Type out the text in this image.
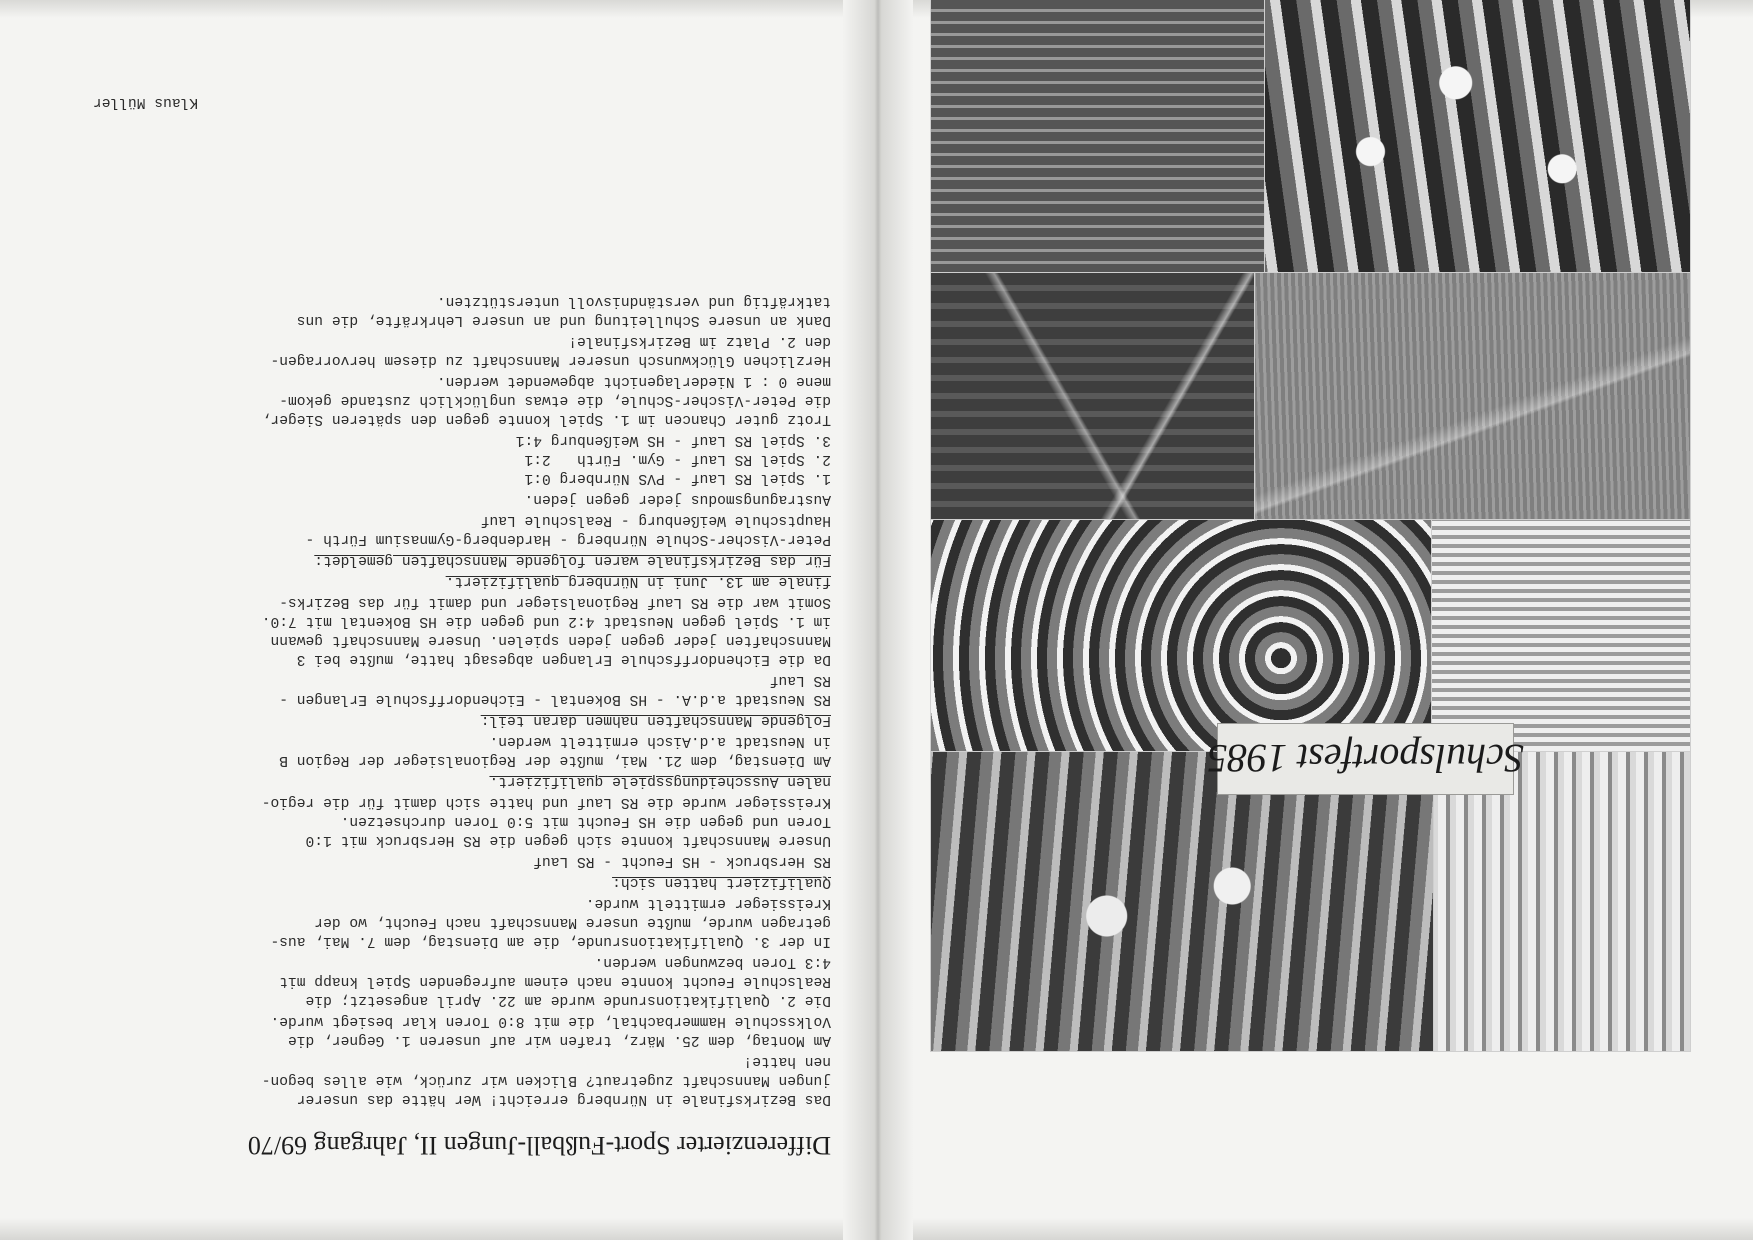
Schulsportfest 1985
Differenzierter Sport-Fußball-Jungen II, Jahrgang 69/70
Das Bezirksfinale in Nürnberg erreicht! Wer hätte das unserer
jungen Mannschaft zugetraut? Blicken wir zurück, wie alles begon-
nen hatte!
Am Montag, dem 25. März, trafen wir auf unseren 1. Gegner, die
Volksschule Hammerbachtal, die mit 8:0 Toren klar besiegt wurde.
Die 2. Qualifikationsrunde wurde am 22. April angesetzt; die
Realschule Feucht konnte nach einem aufregenden Spiel knapp mit
4:3 Toren bezwungen werden.
In der 3. Qualifikationsrunde, die am Dienstag, dem 7. Mai, aus-
getragen wurde, mußte unsere Mannschaft nach Feucht, wo der
Kreissieger ermittelt wurde.
Qualifiziert hatten sich:
RS Hersbruck - HS Feucht - RS Lauf
Unsere Mannschaft konnte sich gegen die RS Hersbruck mit 1:0
Toren und gegen die HS Feucht mit 5:0 Toren durchsetzen.
Kreissieger wurde die RS Lauf und hatte sich damit für die regio-
nalen Ausscheidungsspiele qualifiziert.
Am Dienstag, dem 21. Mai, mußte der Regionalsieger der Region B
in Neustadt a.d.Aisch ermittelt werden.
Folgende Mannschaften nahmen daran teil:
RS Neustadt a.d.A. - HS Bokental - Eichendorffschule Erlangen -
RS Lauf
Da die Eichendorffschule Erlangen abgesagt hatte, mußte bei 3
Mannschaften jeder gegen jeden spielen. Unsere Mannschaft gewann
im 1. Spiel gegen Neustadt 4:2 und gegen die HS Bokental mit 7:0.
Somit war die RS Lauf Regionalsieger und damit für das Bezirks-
finale am 13. Juni in Nürnberg qualifiziert.
Für das Bezirksfinale waren folgende Mannschaften gemeldet:
Peter-Vischer-Schule Nürnberg - Hardenberg-Gymnasium Fürth -
Hauptschule Weißenburg - Realschule Lauf
Austragungsmodus jeder gegen jeden.
1. Spiel RS Lauf - PVS Nürnberg 0:1
2. Spiel RS Lauf - Gym. Fürth   2:1
3. Spiel RS Lauf - HS Weißenburg 4:1
Trotz guter Chancen im 1. Spiel konnte gegen den späteren Sieger,
die Peter-Vischer-Schule, die etwas unglücklich zustande gekom-
mene 0 : 1 Niederlagenicht abgewendet werden.
Herzlichen Glückwunsch unserer Mannschaft zu diesem hervorragen-
den 2. Platz im Bezirksfinale!
Dank an unsere Schulleitung und an unsere Lehrkräfte, die uns
tatkräftig und verständnisvoll unterstützten.
Klaus Müller
